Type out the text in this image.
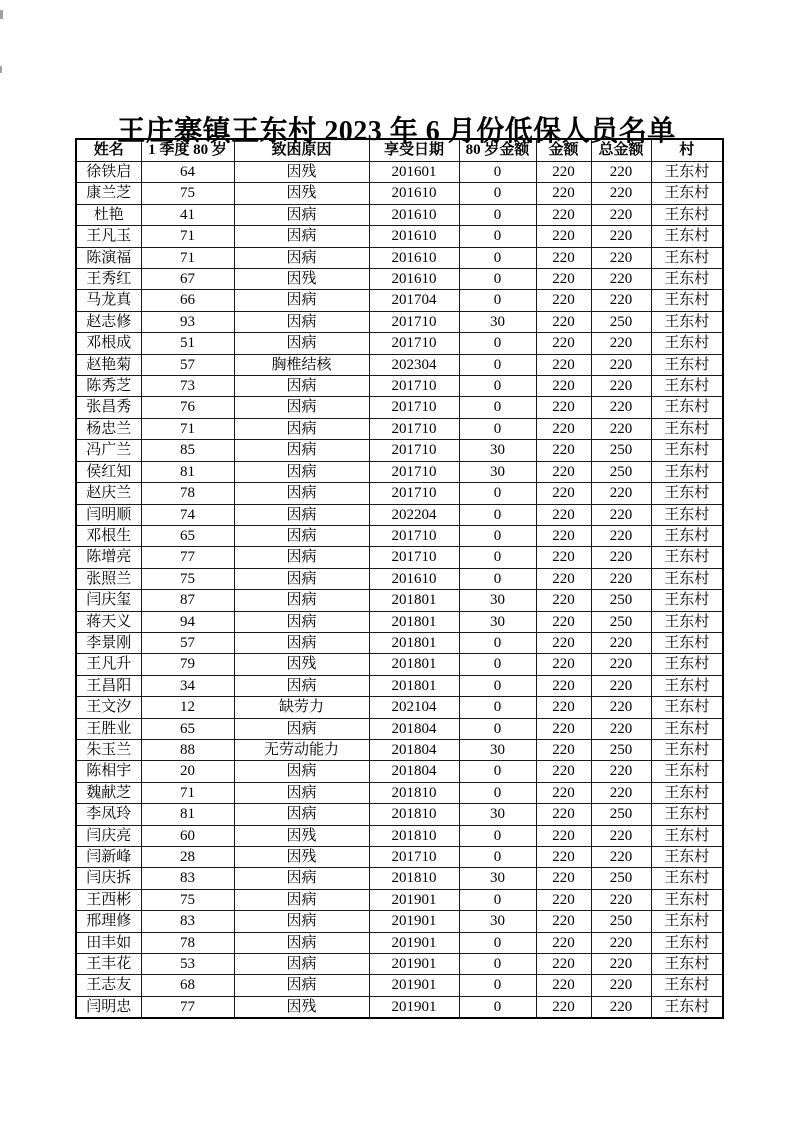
王庄寨镇王东村 2023 年 6 月份低保人员名单
姓名	1 季度 80 岁	致困原因	享受日期	80 岁金额	金额	总金额	村
徐铁启	64	因残	201601	0	220	220	王东村
康兰芝	75	因残	201610	0	220	220	王东村
杜艳	41	因病	201610	0	220	220	王东村
王凡玉	71	因病	201610	0	220	220	王东村
陈演福	71	因病	201610	0	220	220	王东村
王秀红	67	因残	201610	0	220	220	王东村
马龙真	66	因病	201704	0	220	220	王东村
赵志修	93	因病	201710	30	220	250	王东村
邓根成	51	因病	201710	0	220	220	王东村
赵艳菊	57	胸椎结核	202304	0	220	220	王东村
陈秀芝	73	因病	201710	0	220	220	王东村
张昌秀	76	因病	201710	0	220	220	王东村
杨忠兰	71	因病	201710	0	220	220	王东村
冯广兰	85	因病	201710	30	220	250	王东村
侯红知	81	因病	201710	30	220	250	王东村
赵庆兰	78	因病	201710	0	220	220	王东村
闫明顺	74	因病	202204	0	220	220	王东村
邓根生	65	因病	201710	0	220	220	王东村
陈增亮	77	因病	201710	0	220	220	王东村
张照兰	75	因病	201610	0	220	220	王东村
闫庆玺	87	因病	201801	30	220	250	王东村
蒋天义	94	因病	201801	30	220	250	王东村
李景刚	57	因病	201801	0	220	220	王东村
王凡升	79	因残	201801	0	220	220	王东村
王昌阳	34	因病	201801	0	220	220	王东村
王文汐	12	缺劳力	202104	0	220	220	王东村
王胜业	65	因病	201804	0	220	220	王东村
朱玉兰	88	无劳动能力	201804	30	220	250	王东村
陈相宇	20	因病	201804	0	220	220	王东村
魏献芝	71	因病	201810	0	220	220	王东村
李凤玲	81	因病	201810	30	220	250	王东村
闫庆亮	60	因残	201810	0	220	220	王东村
闫新峰	28	因残	201710	0	220	220	王东村
闫庆拆	83	因病	201810	30	220	250	王东村
王西彬	75	因病	201901	0	220	220	王东村
邢理修	83	因病	201901	30	220	250	王东村
田丰如	78	因病	201901	0	220	220	王东村
王丰花	53	因病	201901	0	220	220	王东村
王志友	68	因病	201901	0	220	220	王东村
闫明忠	77	因残	201901	0	220	220	王东村
